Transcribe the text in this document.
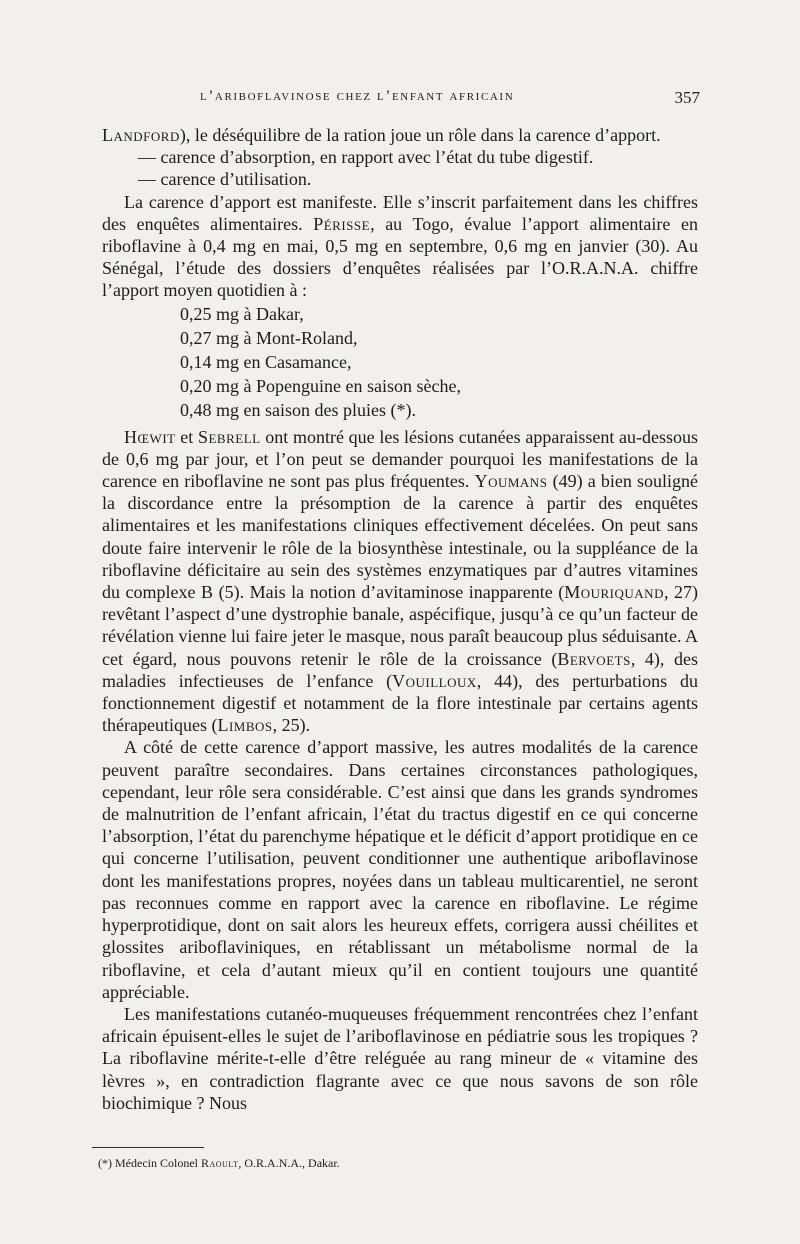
l’ariboflavinose chez l’enfant africain	357

Landford), le déséquilibre de la ration joue un rôle dans la carence d’apport.

— carence d’absorption, en rapport avec l’état du tube digestif.

— carence d’utilisation.

La carence d’apport est manifeste. Elle s’inscrit parfaitement dans les chiffres des enquêtes alimentaires. Périsse, au Togo, évalue l’apport alimentaire en riboflavine à 0,4 mg en mai, 0,5 mg en septembre, 0,6 mg en janvier (30). Au Sénégal, l’étude des dossiers d’enquêtes réalisées par l’O.R.A.N.A. chiffre l’apport moyen quotidien à :

0,25 mg à Dakar,
0,27 mg à Mont-Roland,
0,14 mg en Casamance,
0,20 mg à Popenguine en saison sèche,
0,48 mg en saison des pluies (*).

Hœwit et Sebrell ont montré que les lésions cutanées apparaissent au-dessous de 0,6 mg par jour, et l’on peut se demander pourquoi les manifestations de la carence en riboflavine ne sont pas plus fréquentes. Youmans (49) a bien souligné la discordance entre la présomption de la carence à partir des enquêtes alimentaires et les manifestations cliniques effectivement décelées. On peut sans doute faire intervenir le rôle de la biosynthèse intestinale, ou la suppléance de la riboflavine déficitaire au sein des systèmes enzymatiques par d’autres vitamines du complexe B (5). Mais la notion d’avitaminose inapparente (Mouriquand, 27) revêtant l’aspect d’une dystrophie banale, aspécifique, jusqu’à ce qu’un facteur de révélation vienne lui faire jeter le masque, nous paraît beaucoup plus séduisante. A cet égard, nous pouvons retenir le rôle de la croissance (Bervoets, 4), des maladies infectieuses de l’enfance (Vouilloux, 44), des perturbations du fonctionnement digestif et notamment de la flore intestinale par certains agents thérapeutiques (Limbos, 25).

A côté de cette carence d’apport massive, les autres modalités de la carence peuvent paraître secondaires. Dans certaines circonstances pathologiques, cependant, leur rôle sera considérable. C’est ainsi que dans les grands syndromes de malnutrition de l’enfant africain, l’état du tractus digestif en ce qui concerne l’absorption, l’état du parenchyme hépatique et le déficit d’apport protidique en ce qui concerne l’utilisation, peuvent conditionner une authentique ariboflavinose dont les manifestations propres, noyées dans un tableau multicarentiel, ne seront pas reconnues comme en rapport avec la carence en riboflavine. Le régime hyperprotidique, dont on sait alors les heureux effets, corrigera aussi chéilites et glossites ariboflaviniques, en rétablissant un métabolisme normal de la riboflavine, et cela d’autant mieux qu’il en contient toujours une quantité appréciable.

Les manifestations cutanéo-muqueuses fréquemment rencontrées chez l’enfant africain épuisent-elles le sujet de l’ariboflavinose en pédiatrie sous les tropiques ? La riboflavine mérite-t-elle d’être reléguée au rang mineur de « vitamine des lèvres », en contradiction flagrante avec ce que nous savons de son rôle biochimique ? Nous

(*) Médecin Colonel Raoult, O.R.A.N.A., Dakar.
